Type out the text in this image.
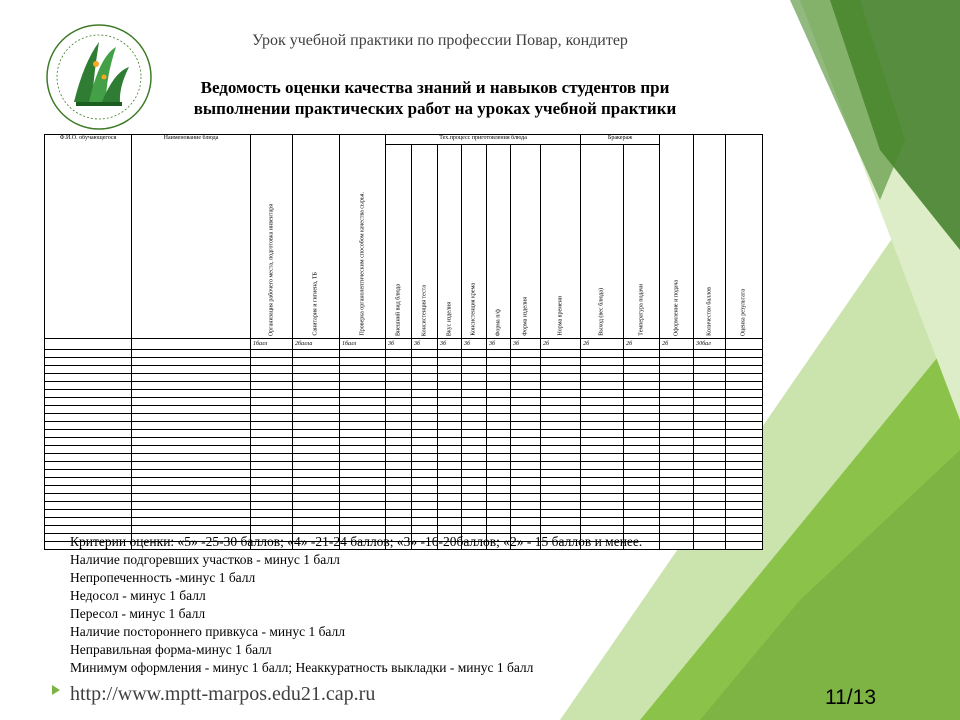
Урок учебной практики по профессии Повар, кондитер
Ведомость оценки качества знаний и навыков студентов при
выполнении практических работ на уроках учебной практики
Ф.И.О. обучающегося	Наименование блюда	Организация рабочего места, подготовка инвентаря	Санитария и гигиена, ТБ	Проверка органолептическим способом качества сырья.	Тех.процесс приготовления блюда							Бракераж		Оформление и подача	Количество баллов	Оценка результата

					Внешний вид блюда	Консистенция теста	Вкус изделия	Консистенция крема	Форма п/ф	Форма изделия	Норма времени	Выход (вес блюда)	Температура подачи			

		1балл	2балла	1балл	3б	3б	3б	3б	3б	3б	2б	2б	2б	2б	30бал	

Критерии оценки: «5» -25-30 баллов; «4» -21-24 баллов; «3» -16-20баллов; «2» - 15 баллов и менее.
Наличие подгоревших участков - минус 1 балл
Непропеченность -минус 1 балл
Недосол - минус 1 балл
Пересол - минус 1 балл
Наличие постороннего привкуса - минус 1 балл
Неправильная форма-минус 1 балл
Минимум оформления - минус 1 балл; Неаккуратность выкладки - минус 1 балл
http://www.mptt-marpos.edu21.cap.ru	11/13
